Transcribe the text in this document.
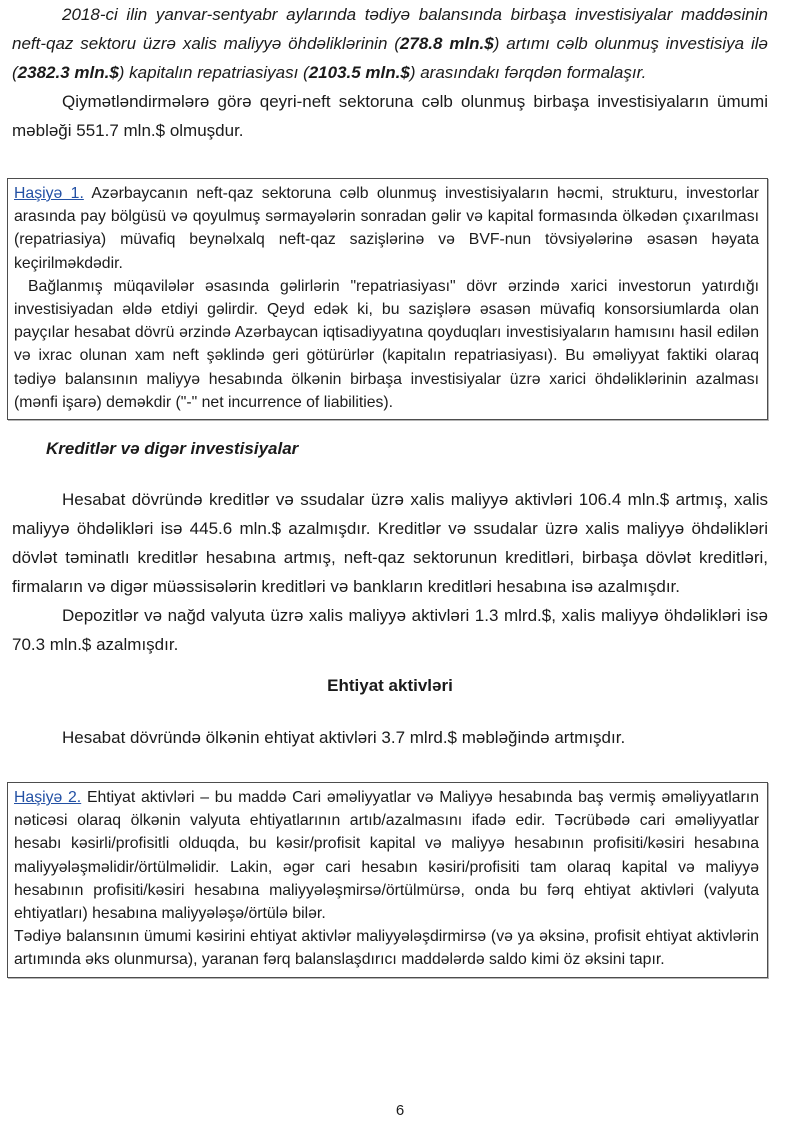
2018-ci ilin yanvar-sentyabr aylarında tədiyə balansında birbaşa investisiyalar maddəsinin neft-qaz sektoru üzrə xalis maliyyə öhdəliklərinin (278.8 mln.$) artımı cəlb olunmuş investisiya ilə (2382.3 mln.$) kapitalın repatriasiyası (2103.5 mln.$) arasındakı fərqdən formalaşır.

Qiymətləndirmələrə görə qeyri-neft sektoruna cəlb olunmuş birbaşa investisiyaların ümumi məbləği 551.7 mln.$ olmuşdur.

Haşiyə 1. Azərbaycanın neft-qaz sektoruna cəlb olunmuş investisiyaların həcmi, strukturu, investorlar arasında pay bölgüsü və qoyulmuş sərmayələrin sonradan gəlir və kapital formasında ölkədən çıxarılması (repatriasiya) müvafiq beynəlxalq neft-qaz sazişlərinə və BVF-nun tövsiyələrinə əsasən həyata keçirilməkdədir.

Bağlanmış müqavilələr əsasında gəlirlərin "repatriasiyası" dövr ərzində xarici investorun yatırdığı investisiyadan əldə etdiyi gəlirdir. Qeyd edək ki, bu sazişlərə əsasən müvafiq konsorsiumlarda olan payçılar hesabat dövrü ərzində Azərbaycan iqtisadiyyatına qoyduqları investisiyaların hamısını hasil edilən və ixrac olunan xam neft şəklində geri götürürlər (kapitalın repatriasiyası). Bu əməliyyat faktiki olaraq tədiyə balansının maliyyə hesabında ölkənin birbaşa investisiyalar üzrə xarici öhdəliklərinin azalması (mənfi işarə) deməkdir ("-" net incurrence of liabilities).

Kreditlər və digər investisiyalar

Hesabat dövründə kreditlər və ssudalar üzrə xalis maliyyə aktivləri 106.4 mln.$ artmış, xalis maliyyə öhdəlikləri isə 445.6 mln.$ azalmışdır. Kreditlər və ssudalar üzrə xalis maliyyə öhdəlikləri dövlət təminatlı kreditlər hesabına artmış, neft-qaz sektorunun kreditləri, birbaşa dövlət kreditləri, firmaların və digər müəssisələrin kreditləri və bankların kreditləri hesabına isə azalmışdır.

Depozitlər və nağd valyuta üzrə xalis maliyyə aktivləri 1.3 mlrd.$, xalis maliyyə öhdəlikləri isə 70.3 mln.$ azalmışdır.

Ehtiyat aktivləri

Hesabat dövründə ölkənin ehtiyat aktivləri 3.7 mlrd.$ məbləğində artmışdır.

Haşiyə 2. Ehtiyat aktivləri – bu maddə Cari əməliyyatlar və Maliyyə hesabında baş vermiş əməliyyatların nəticəsi olaraq ölkənin valyuta ehtiyatlarının artıb/azalmasını ifadə edir. Təcrübədə cari əməliyyatlar hesabı kəsirli/profisitli olduqda, bu kəsir/profisit kapital və maliyyə hesabının profisiti/kəsiri hesabına maliyyələşməlidir/örtülməlidir. Lakin, əgər cari hesabın kəsiri/profisiti tam olaraq kapital və maliyyə hesabının profisiti/kəsiri hesabına maliyyələşmirsə/örtülmürsə, onda bu fərq ehtiyat aktivləri (valyuta ehtiyatları) hesabına maliyyələşə/örtülə bilər.

Tədiyə balansının ümumi kəsirini ehtiyat aktivlər maliyyələşdirmirsə (və ya əksinə, profisit ehtiyat aktivlərin artımında əks olunmursa), yaranan fərq balanslaşdırıcı maddələrdə saldo kimi öz əksini tapır.

6
